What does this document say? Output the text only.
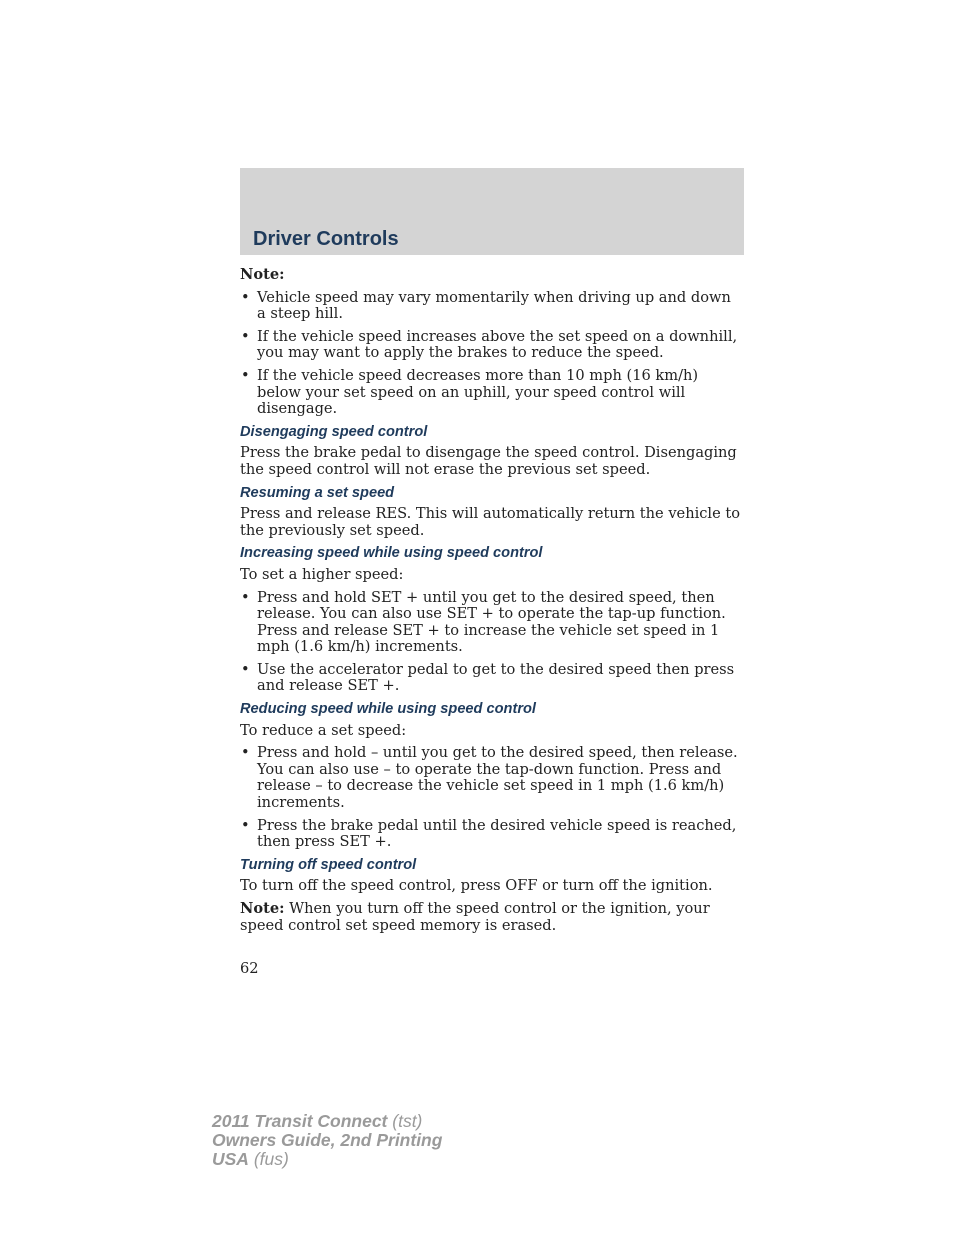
Driver Controls

Note:

• Vehicle speed may vary momentarily when driving up and down a steep hill.
• If the vehicle speed increases above the set speed on a downhill, you may want to apply the brakes to reduce the speed.
• If the vehicle speed decreases more than 10 mph (16 km/h) below your set speed on an uphill, your speed control will disengage.
Disengaging speed control

Press the brake pedal to disengage the speed control. Disengaging the speed control will not erase the previous set speed.

Resuming a set speed

Press and release RES. This will automatically return the vehicle to the previously set speed.

Increasing speed while using speed control

To set a higher speed:

• Press and hold SET + until you get to the desired speed, then release. You can also use SET + to operate the tap-up function. Press and release SET + to increase the vehicle set speed in 1 mph (1.6 km/h) increments.
• Use the accelerator pedal to get to the desired speed then press and release SET +.
Reducing speed while using speed control

To reduce a set speed:

• Press and hold – until you get to the desired speed, then release. You can also use – to operate the tap-down function. Press and release – to decrease the vehicle set speed in 1 mph (1.6 km/h) increments.
• Press the brake pedal until the desired vehicle speed is reached, then press SET +.
Turning off speed control

To turn off the speed control, press OFF or turn off the ignition.

Note: When you turn off the speed control or the ignition, your speed control set speed memory is erased.

62
2011 Transit Connect (tst)
Owners Guide, 2nd Printing
USA (fus)
